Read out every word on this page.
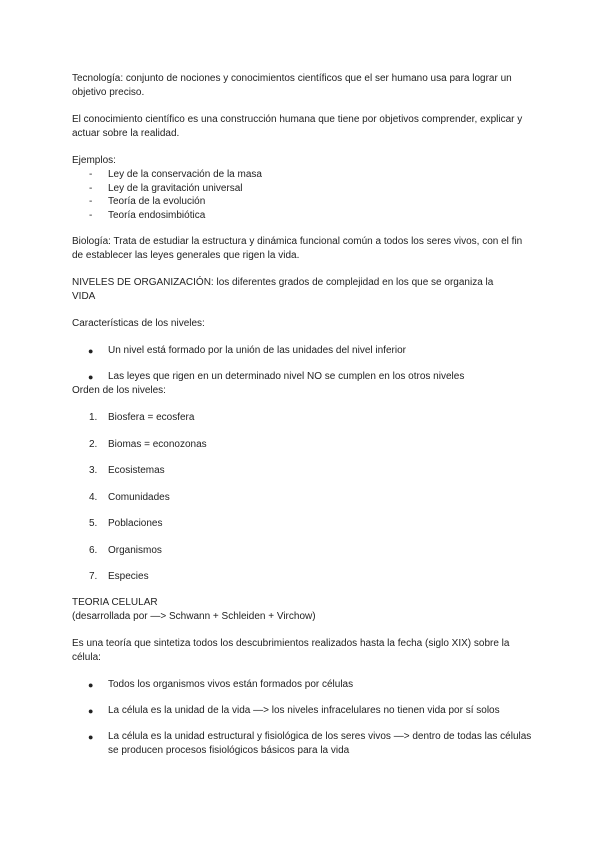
Tecnología: conjunto de nociones y conocimientos científicos que el ser humano usa para lograr un objetivo preciso.

El conocimiento científico es una construcción humana que tiene por objetivos comprender, explicar y actuar sobre la realidad.

Ejemplos:

- Ley de la conservación de la masa
- Ley de la gravitación universal
- Teoría de la evolución
- Teoría endosimbiótica

Biología: Trata de estudiar la estructura y dinámica funcional común a todos los seres vivos, con el fin de establecer las leyes generales que rigen la vida.

NIVELES DE ORGANIZACIÓN: los diferentes grados de complejidad en los que se organiza la

VIDA

Características de los niveles:

● Un nivel está formado por la unión de las unidades del nivel inferior
● Las leyes que rigen en un determinado nivel NO se cumplen en los otros niveles

Orden de los niveles:

1. Biosfera = ecosfera
2. Biomas = econozonas
3. Ecosistemas
4. Comunidades
5. Poblaciones
6. Organismos
7. Especies

TEORIA CELULAR

(desarrollada por —> Schwann + Schleiden + Virchow)

Es una teoría que sintetiza todos los descubrimientos realizados hasta la fecha (siglo XIX) sobre la célula:

● Todos los organismos vivos están formados por células
● La célula es la unidad de la vida —> los niveles infracelulares no tienen vida por sí solos
● La célula es la unidad estructural y fisiológica de los seres vivos —> dentro de todas las células se producen procesos fisiológicos básicos para la vida
